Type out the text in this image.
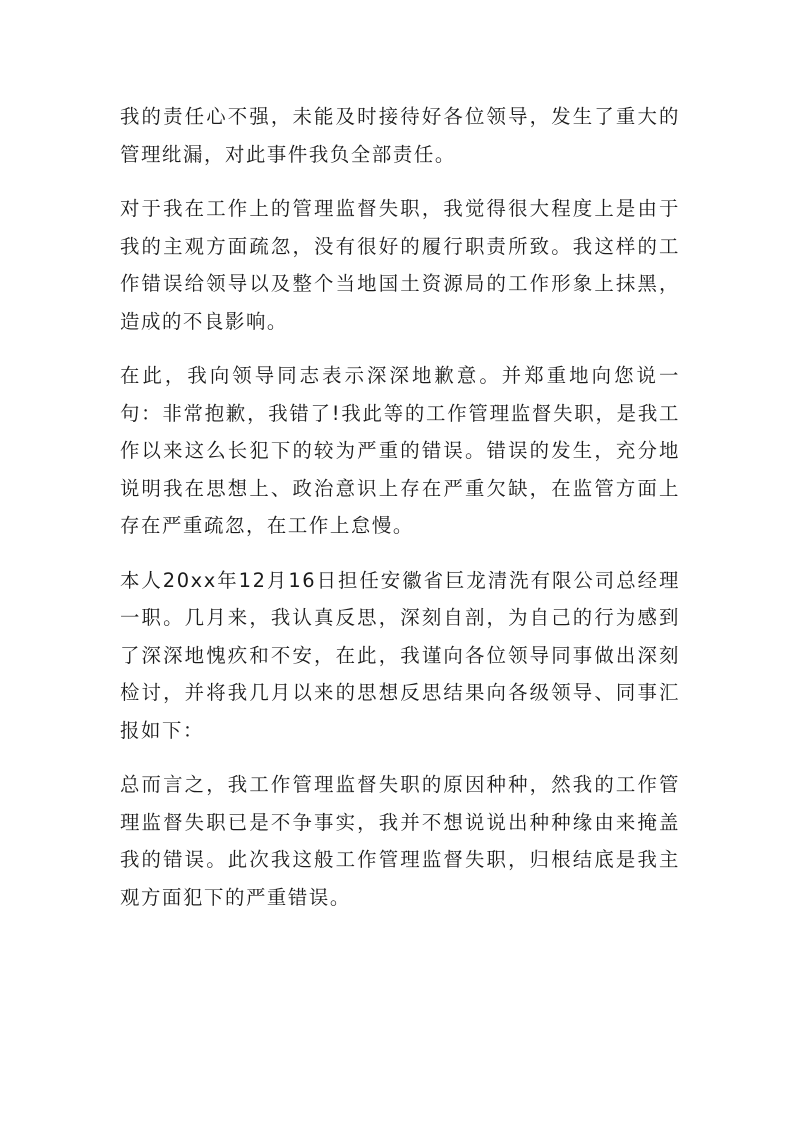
我的责任心不强，未能及时接待好各位领导，发生了重大的管理纰漏，对此事件我负全部责任。

对于我在工作上的管理监督失职，我觉得很大程度上是由于我的主观方面疏忽，没有很好的履行职责所致。我这样的工作错误给领导以及整个当地国土资源局的工作形象上抹黑，造成的不良影响。

在此，我向领导同志表示深深地歉意。并郑重地向您说一句：非常抱歉，我错了!我此等的工作管理监督失职，是我工作以来这么长犯下的较为严重的错误。错误的发生，充分地说明我在思想上、政治意识上存在严重欠缺，在监管方面上存在严重疏忽，在工作上怠慢。

本人20xx年12月16日担任安徽省巨龙清洗有限公司总经理一职。几月来，我认真反思，深刻自剖，为自己的行为感到了深深地愧疚和不安，在此，我谨向各位领导同事做出深刻检讨，并将我几月以来的思想反思结果向各级领导、同事汇报如下：

总而言之，我工作管理监督失职的原因种种，然我的工作管理监督失职已是不争事实，我并不想说说出种种缘由来掩盖我的错误。此次我这般工作管理监督失职，归根结底是我主观方面犯下的严重错误。
